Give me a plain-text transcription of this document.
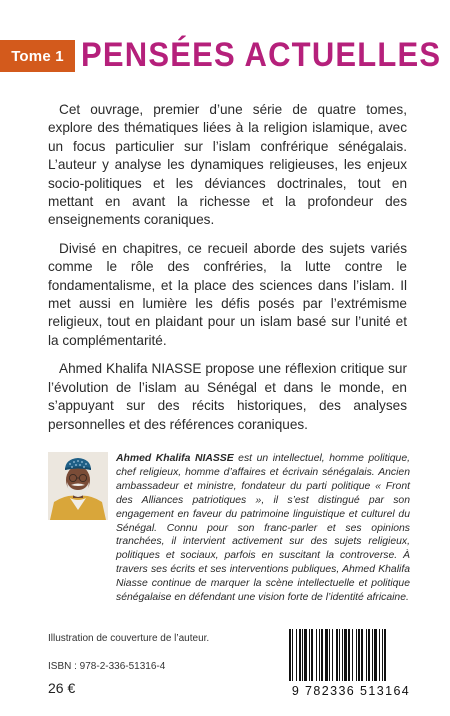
Tome 1 PENSÉES ACTUELLES

Cet ouvrage, premier d’une série de quatre tomes, explore des thématiques liées à la religion islamique, avec un focus particulier sur l’islam confrérique sénégalais. L’auteur y analyse les dynamiques religieuses, les enjeux socio-politiques et les déviances doctrinales, tout en mettant en avant la richesse et la profondeur des enseignements coraniques.

Divisé en chapitres, ce recueil aborde des sujets variés comme le rôle des confréries, la lutte contre le fondamentalisme, et la place des sciences dans l’islam. Il met aussi en lumière les défis posés par l’extrémisme religieux, tout en plaidant pour un islam basé sur l’unité et la complémentarité.

Ahmed Khalifa NIASSE propose une réflexion critique sur l’évolution de l’islam au Sénégal et dans le monde, en s’appuyant sur des récits historiques, des analyses personnelles et des références coraniques.

Ahmed Khalifa NIASSE est un intellectuel, homme politique, chef religieux, homme d’affaires et écrivain sénégalais. Ancien ambassadeur et ministre, fondateur du parti politique « Front des Alliances patriotiques », il s’est distingué par son engagement en faveur du patrimoine linguistique et culturel du Sénégal. Connu pour son franc-parler et ses opinions tranchées, il intervient activement sur des sujets religieux, politiques et sociaux, parfois en suscitant la controverse. À travers ses écrits et ses interventions publiques, Ahmed Khalifa Niasse continue de marquer la scène intellectuelle et politique sénégalaise en défendant une vision forte de l’identité africaine.
Illustration de couverture de l’auteur.
ISBN : 978-2-336-51316-4
26 €	9 782336 513164
